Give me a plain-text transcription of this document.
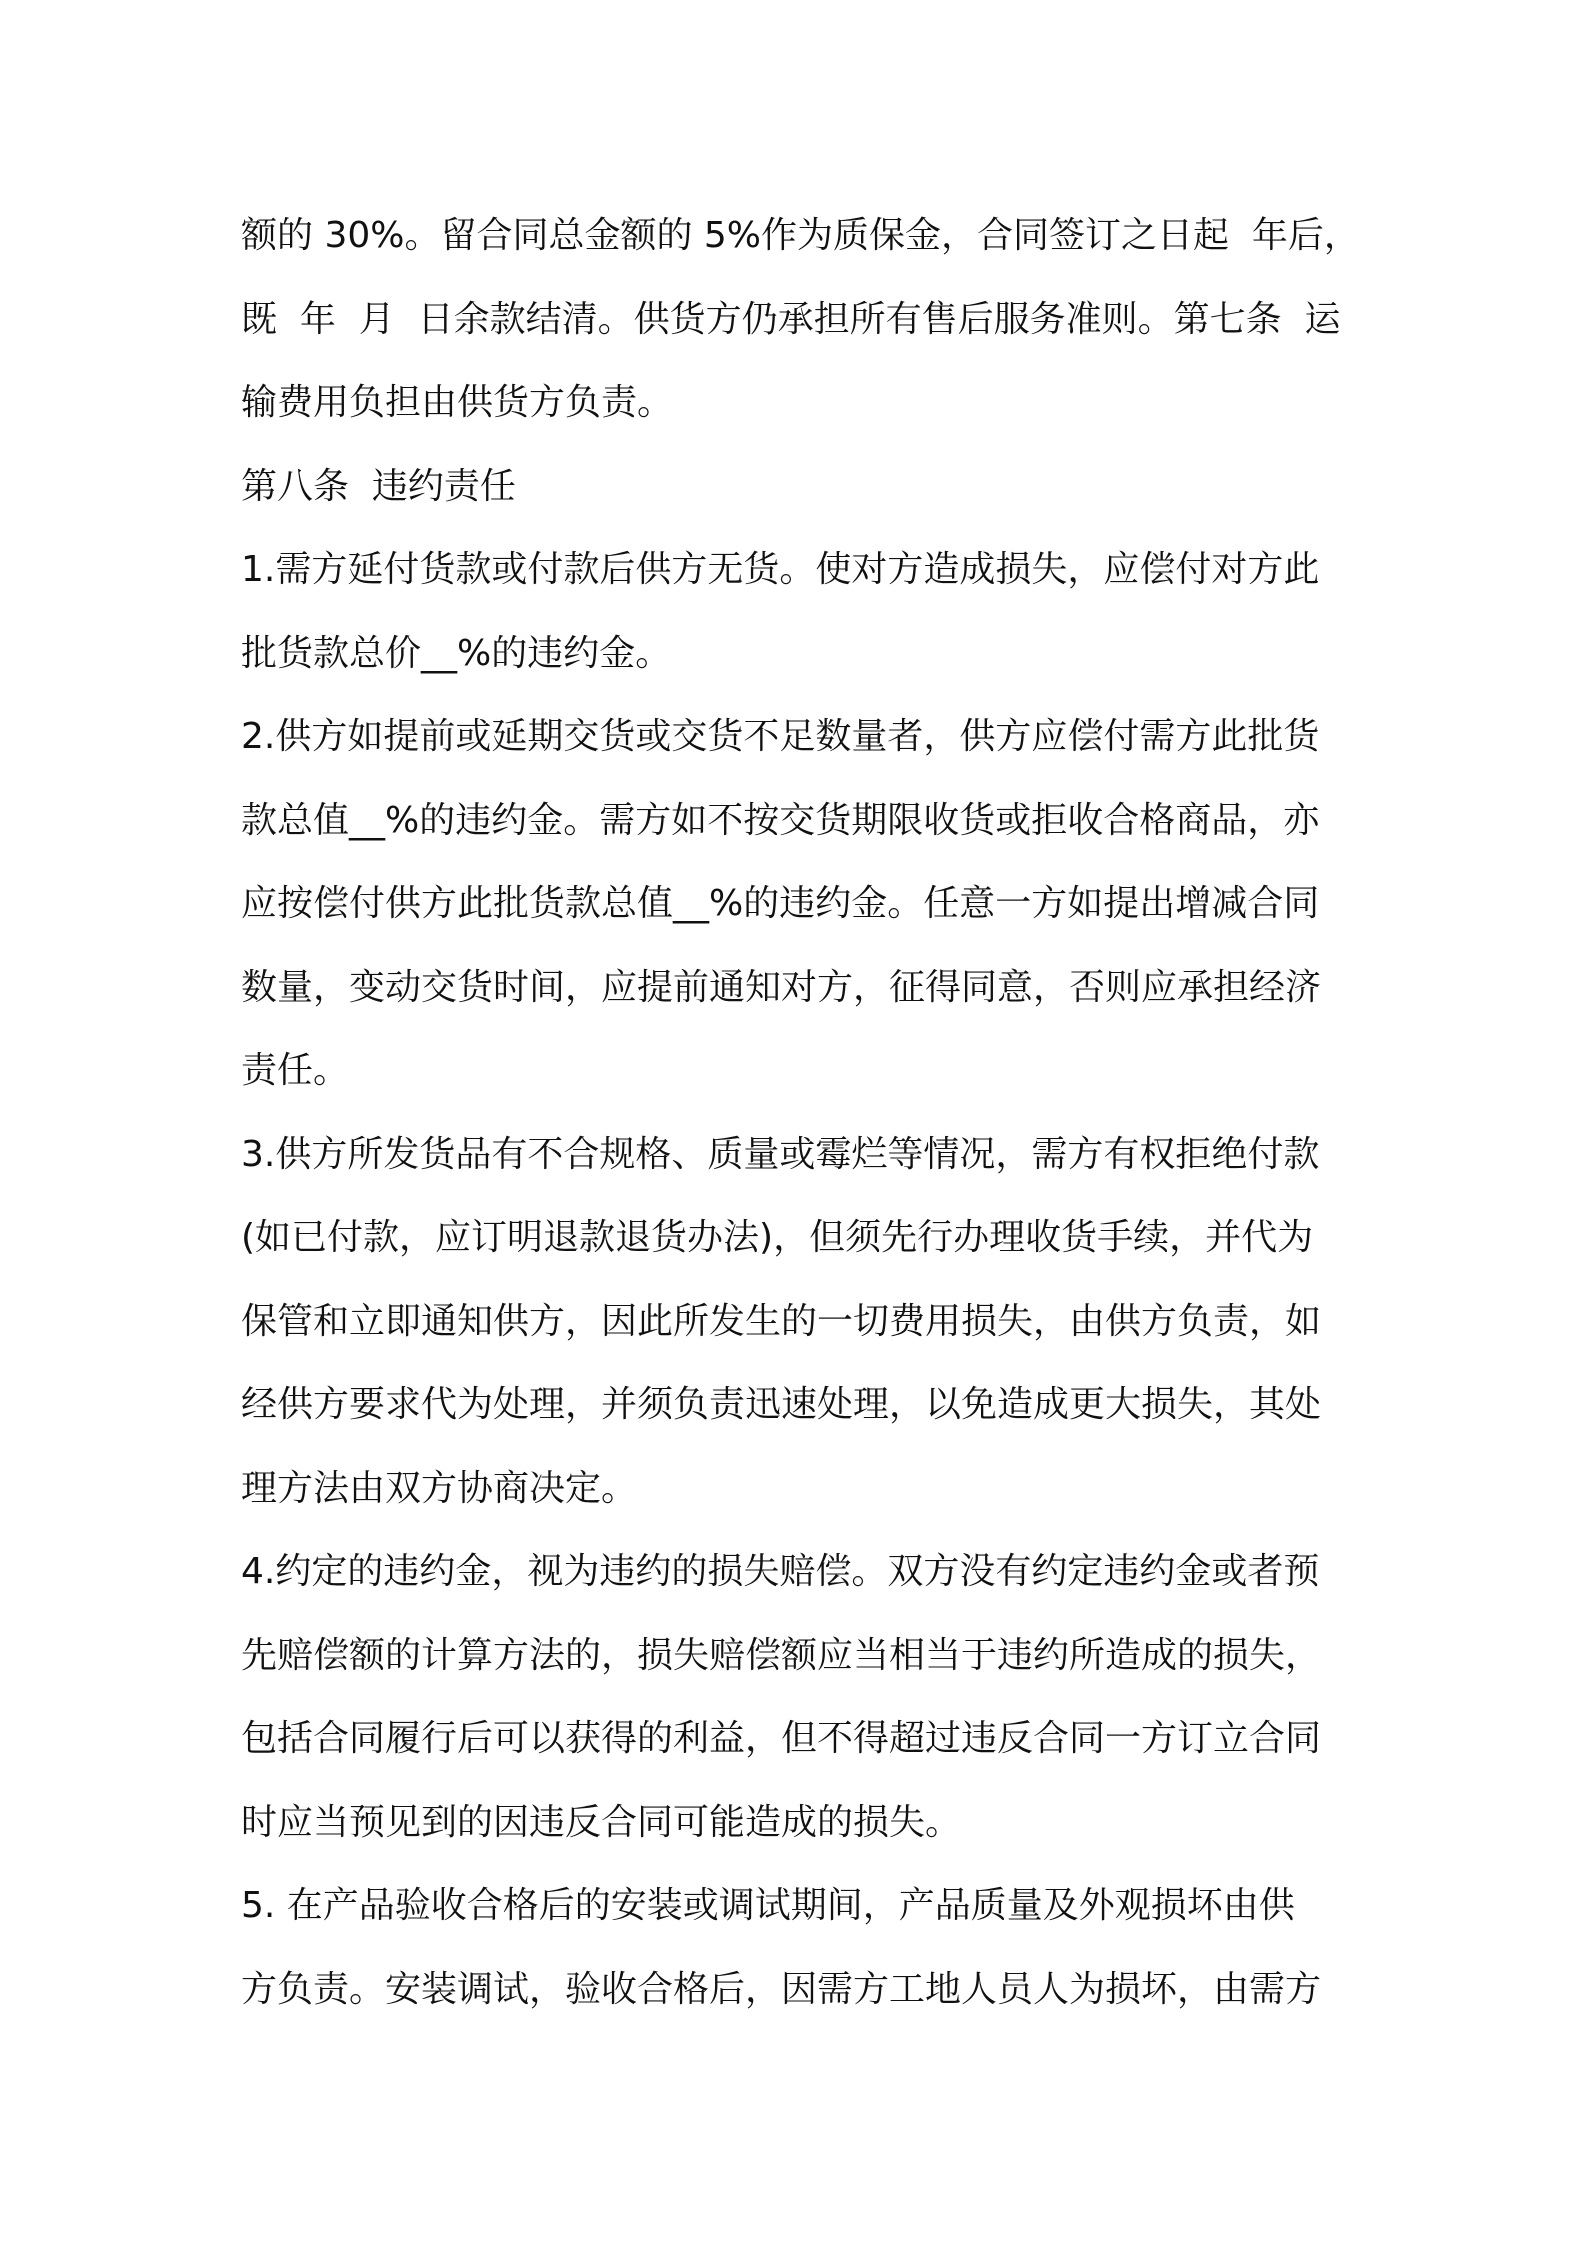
额的 30%。留合同总金额的 5%作为质保金，合同签订之日起  年后，
既  年  月  日余款结清。供货方仍承担所有售后服务准则。第七条  运
输费用负担由供货方负责。

第八条  违约责任

1.需方延付货款或付款后供方无货。使对方造成损失，应偿付对方此
批货款总价__%的违约金。

2.供方如提前或延期交货或交货不足数量者，供方应偿付需方此批货
款总值__%的违约金。需方如不按交货期限收货或拒收合格商品，亦
应按偿付供方此批货款总值__%的违约金。任意一方如提出增减合同
数量，变动交货时间，应提前通知对方，征得同意，否则应承担经济
责任。

3.供方所发货品有不合规格、质量或霉烂等情况，需方有权拒绝付款
(如已付款，应订明退款退货办法)，但须先行办理收货手续，并代为
保管和立即通知供方，因此所发生的一切费用损失，由供方负责，如
经供方要求代为处理，并须负责迅速处理，以免造成更大损失，其处
理方法由双方协商决定。

4.约定的违约金，视为违约的损失赔偿。双方没有约定违约金或者预
先赔偿额的计算方法的，损失赔偿额应当相当于违约所造成的损失，
包括合同履行后可以获得的利益，但不得超过违反合同一方订立合同
时应当预见到的因违反合同可能造成的损失。

5. 在产品验收合格后的安装或调试期间，产品质量及外观损坏由供
方负责。安装调试，验收合格后，因需方工地人员人为损坏，由需方
